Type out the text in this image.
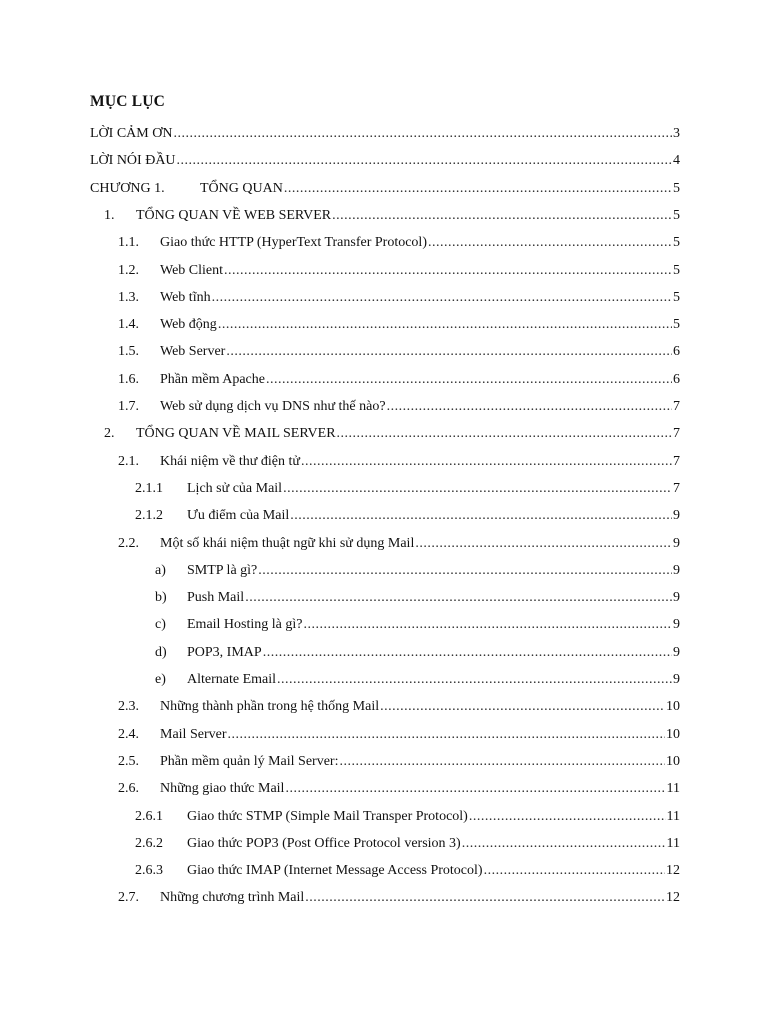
MỤC LỤC
LỜI CẢM ƠN .....	3
LỜI NÓI ĐẦU .....	4
CHƯƠNG 1.	TỔNG QUAN .....	5
1.	TỔNG QUAN VỀ WEB SERVER .....	5
1.1.	Giao thức HTTP (HyperText Transfer Protocol) .....	5
1.2.	Web Client .....	5
1.3.	Web tĩnh .....	5
1.4.	Web động .....	5
1.5.	Web Server .....	6
1.6.	Phần mềm Apache .....	6
1.7.	Web sử dụng dịch vụ DNS như thế nào? .....	7
2.	TỔNG QUAN VỀ MAIL SERVER .....	7
2.1.	Khái niệm về thư điện tử .....	7
2.1.1	Lịch sử của Mail .....	7
2.1.2	Ưu điểm của Mail .....	9
2.2.	Một số khái niệm thuật ngữ khi sử dụng Mail .....	9
a)	SMTP là gì? .....	9
b)	Push Mail .....	9
c)	Email Hosting là gì? .....	9
d)	POP3, IMAP .....	9
e)	Alternate Email .....	9
2.3.	Những thành phần trong hệ thống Mail .....	10
2.4.	Mail Server .....	10
2.5.	Phần mềm quản lý Mail Server: .....	10
2.6.	Những giao thức Mail .....	11
2.6.1	Giao thức STMP (Simple Mail Transper Protocol) .....	11
2.6.2	Giao thức POP3 (Post Office Protocol version 3) .....	11
2.6.3	Giao thức IMAP (Internet Message Access Protocol) .....	12
2.7.	Những chương trình Mail .....	12
